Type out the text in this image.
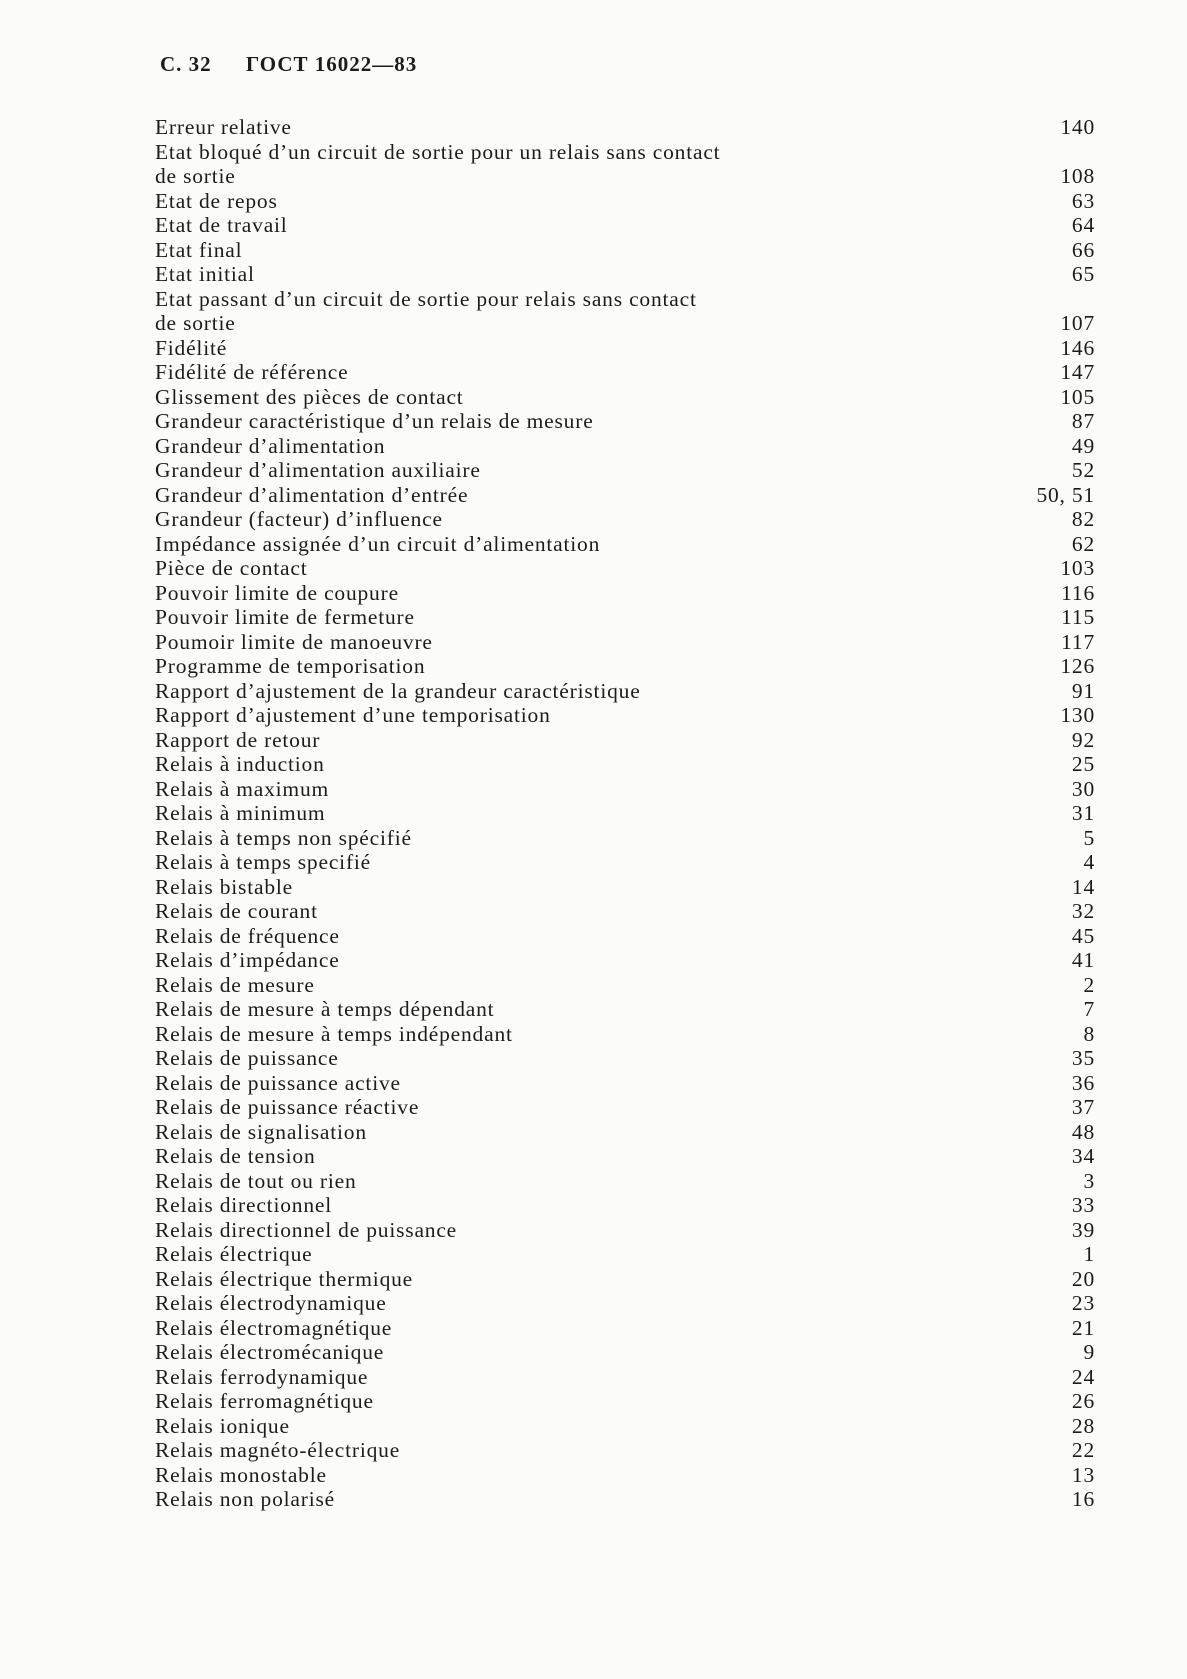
С. 32 ГОСТ 16022—83
Erreur relative	140
Etat bloqué d’un circuit de sortie pour un relais sans contact
de sortie	108
Etat de repos	63
Etat de travail	64
Etat final	66
Etat initial	65
Etat passant d’un circuit de sortie pour relais sans contact
de sortie	107
Fidélité	146
Fidélité de référence	147
Glissement des pièces de contact	105
Grandeur caractéristique d’un relais de mesure	87
Grandeur d’alimentation	49
Grandeur d’alimentation auxiliaire	52
Grandeur d’alimentation d’entrée	50, 51
Grandeur (facteur) d’influence	82
Impédance assignée d’un circuit d’alimentation	62
Pièce de contact	103
Pouvoir limite de coupure	116
Pouvoir limite de fermeture	115
Poumoir limite de manoeuvre	117
Programme de temporisation	126
Rapport d’ajustement de la grandeur caractéristique	91
Rapport d’ajustement d’une temporisation	130
Rapport de retour	92
Relais à induction	25
Relais à maximum	30
Relais à minimum	31
Relais à temps non spécifié	5
Relais à temps specifié	4
Relais bistable	14
Relais de courant	32
Relais de fréquence	45
Relais d’impédance	41
Relais de mesure	2
Relais de mesure à temps dépendant	7
Relais de mesure à temps indépendant	8
Relais de puissance	35
Relais de puissance active	36
Relais de puissance réactive	37
Relais de signalisation	48
Relais de tension	34
Relais de tout ou rien	3
Relais directionnel	33
Relais directionnel de puissance	39
Relais électrique	1
Relais électrique thermique	20
Relais électrodynamique	23
Relais électromagnétique	21
Relais électromécanique	9
Relais ferrodynamique	24
Relais ferromagnétique	26
Relais ionique	28
Relais magnéto-électrique	22
Relais monostable	13
Relais non polarisé	16
